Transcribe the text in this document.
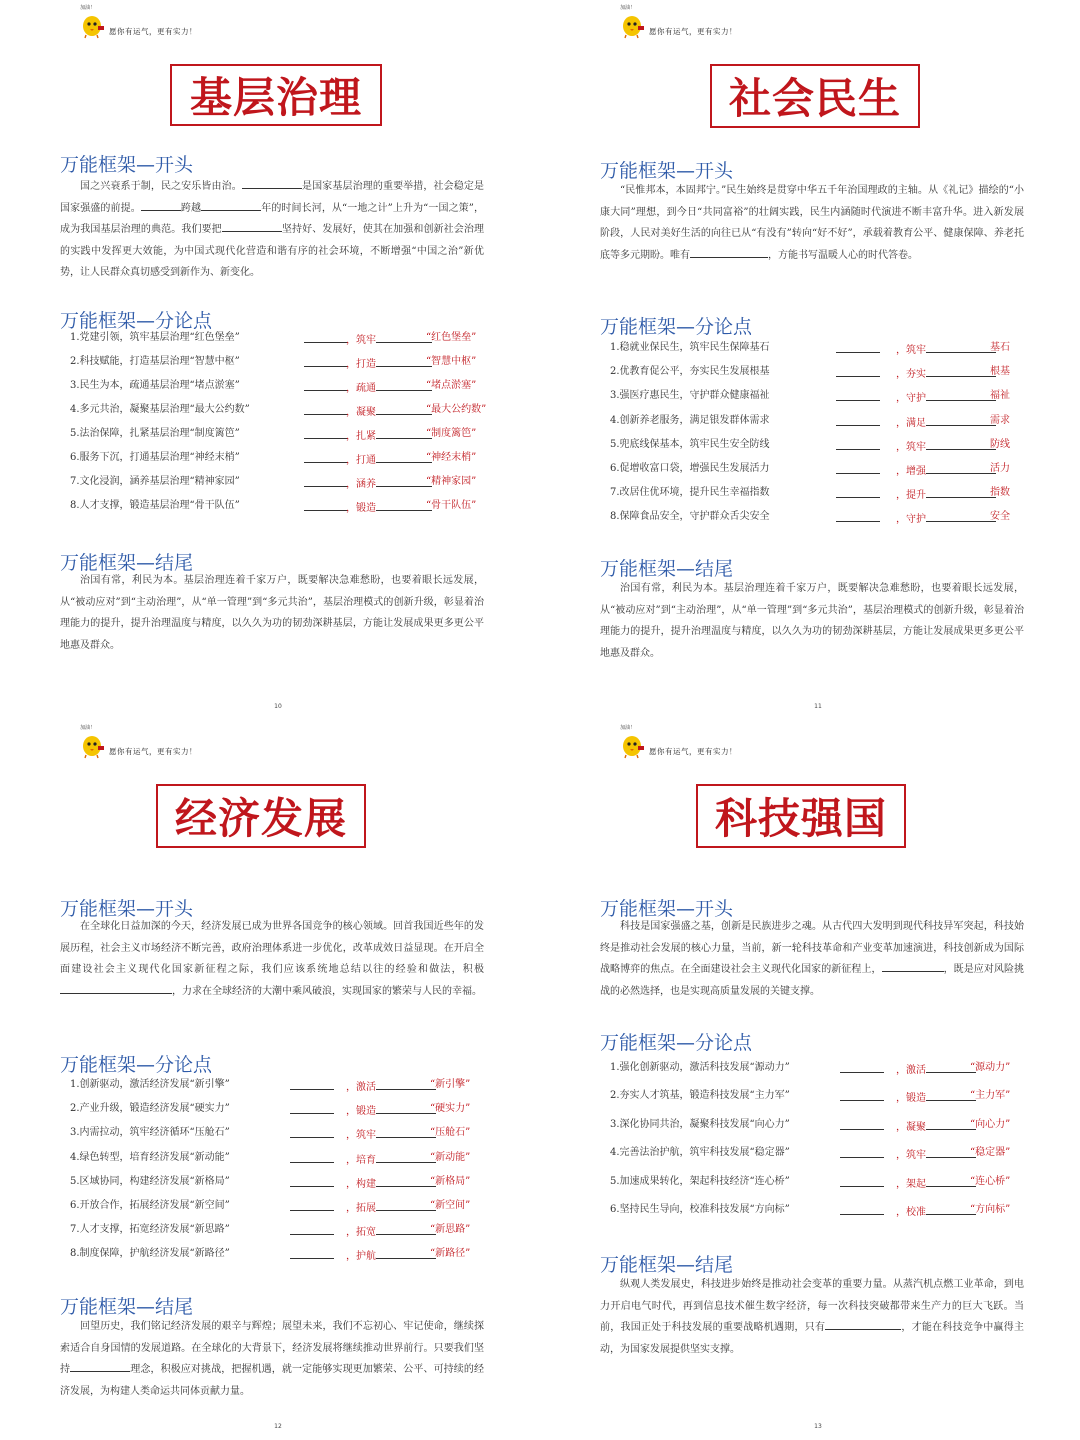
加油！
愿你有运气，更有实力！
基层治理
万能框架—开头

国之兴衰系于制，民之安乐皆由治。	是国家基层治理的重要举措，社会稳定是国家强盛的前提。	跨越	年的时间长河，从“一地之计”上升为“一国之策”，成为我国基层治理的典范。我们要把	坚持好、发展好，使其在加强和创新社会治理的实践中发挥更大效能，为中国式现代化营造和谐有序的社会环境，不断增强“中国之治”新优势，让人民群众真切感受到新作为、新变化。

万能框架—分论点
1.党建引领，筑牢基层治理“红色堡垒”	，筑牢	“红色堡垒”
2.科技赋能，打造基层治理“智慧中枢”	，打造	“智慧中枢”
3.民生为本，疏通基层治理“堵点淤塞”	，疏通	“堵点淤塞”
4.多元共治，凝聚基层治理“最大公约数”	，凝聚	“最大公约数”
5.法治保障，扎紧基层治理“制度篱笆”	，扎紧	“制度篱笆”
6.服务下沉，打通基层治理“神经末梢”	，打通	“神经末梢”
7.文化浸润，涵养基层治理“精神家园”	，涵养	“精神家园”
8.人才支撑，锻造基层治理“骨干队伍”	，锻造	“骨干队伍”
万能框架—结尾

治国有常，利民为本。基层治理连着千家万户，既要解决急难愁盼，也要着眼长远发展，从“被动应对”到“主动治理”，从“单一管理”到“多元共治”，基层治理模式的创新升级，彰显着治理能力的提升，提升治理温度与精度，以久久为功的韧劲深耕基层，方能让发展成果更多更公平地惠及群众。

10
加油！
愿你有运气，更有实力！
社会民生
万能框架—开头

“民惟邦本，本固邦宁。”民生始终是贯穿中华五千年治国理政的主轴。从《礼记》描绘的“小康大同”理想，到今日“共同富裕”的壮阔实践，民生内涵随时代演进不断丰富升华。进入新发展阶段，人民对美好生活的向往已从“有没有”转向“好不好”，承载着教育公平、健康保障、养老托底等多元期盼。唯有	，方能书写温暖人心的时代答卷。

万能框架—分论点
1.稳就业保民生，筑牢民生保障基石	，筑牢	基石
2.优教育促公平，夯实民生发展根基	，夯实	根基
3.强医疗惠民生，守护群众健康福祉	，守护	福祉
4.创新养老服务，满足银发群体需求	，满足	需求
5.兜底线保基本，筑牢民生安全防线	，筑牢	防线
6.促增收富口袋，增强民生发展活力	，增强	活力
7.改居住优环境，提升民生幸福指数	，提升	指数
8.保障食品安全，守护群众舌尖安全	，守护	安全
万能框架—结尾

治国有常，利民为本。基层治理连着千家万户，既要解决急难愁盼，也要着眼长远发展，从“被动应对”到“主动治理”，从“单一管理”到“多元共治”，基层治理模式的创新升级，彰显着治理能力的提升，提升治理温度与精度，以久久为功的韧劲深耕基层，方能让发展成果更多更公平地惠及群众。

11
加油！
愿你有运气，更有实力！
经济发展
万能框架—开头

在全球化日益加深的今天，经济发展已成为世界各国竞争的核心领域。回首我国近些年的发展历程，社会主义市场经济不断完善，政府治理体系进一步优化，改革成效日益显现。在开启全面建设社会主义现代化国家新征程之际，我们应该系统地总结以往的经验和做法，积极，力求在全球经济的大潮中乘风破浪，实现国家的繁荣与人民的幸福。

万能框架—分论点
1.创新驱动，激活经济发展“新引擎”	，激活	“新引擎”
2.产业升级，锻造经济发展“硬实力”	，锻造	“硬实力”
3.内需拉动，筑牢经济循环“压舱石”	，筑牢	“压舱石”
4.绿色转型，培育经济发展“新动能”	，培育	“新动能”
5.区域协同，构建经济发展“新格局”	，构建	“新格局”
6.开放合作，拓展经济发展“新空间”	，拓展	“新空间”
7.人才支撑，拓宽经济发展“新思路”	，拓宽	“新思路”
8.制度保障，护航经济发展“新路径”	，护航	“新路径”
万能框架—结尾

回望历史，我们铭记经济发展的艰辛与辉煌；展望未来，我们不忘初心、牢记使命，继续探索适合自身国情的发展道路。在全球化的大背景下，经济发展将继续推动世界前行。只要我们坚持	理念，积极应对挑战，把握机遇，就一定能够实现更加繁荣、公平、可持续的经济发展，为构建人类命运共同体贡献力量。

12
加油！
愿你有运气，更有实力！
科技强国
万能框架—开头

科技是国家强盛之基，创新是民族进步之魂。从古代四大发明到现代科技异军突起，科技始终是推动社会发展的核心力量，当前，新一轮科技革命和产业变革加速演进，科技创新成为国际战略博弈的焦点。在全面建设社会主义现代化国家的新征程上，	，既是应对风险挑战的必然选择，也是实现高质量发展的关键支撑。

万能框架—分论点
1.强化创新驱动，激活科技发展“源动力”	，激活	“源动力”
2.夯实人才筑基，锻造科技发展“主力军”	，锻造	“主力军”
3.深化协同共治，凝聚科技发展“向心力”	，凝聚	“向心力”
4.完善法治护航，筑牢科技发展“稳定器”	，筑牢	“稳定器”
5.加速成果转化，架起科技经济“连心桥”	，架起	“连心桥”
6.坚持民生导向，校准科技发展“方向标”	，校准	“方向标”
万能框架—结尾

纵观人类发展史，科技进步始终是推动社会变革的重要力量。从蒸汽机点燃工业革命，到电力开启电气时代，再到信息技术催生数字经济，每一次科技突破都带来生产力的巨大飞跃。当前，我国正处于科技发展的重要战略机遇期，只有	，才能在科技竞争中赢得主动，为国家发展提供坚实支撑。

13
